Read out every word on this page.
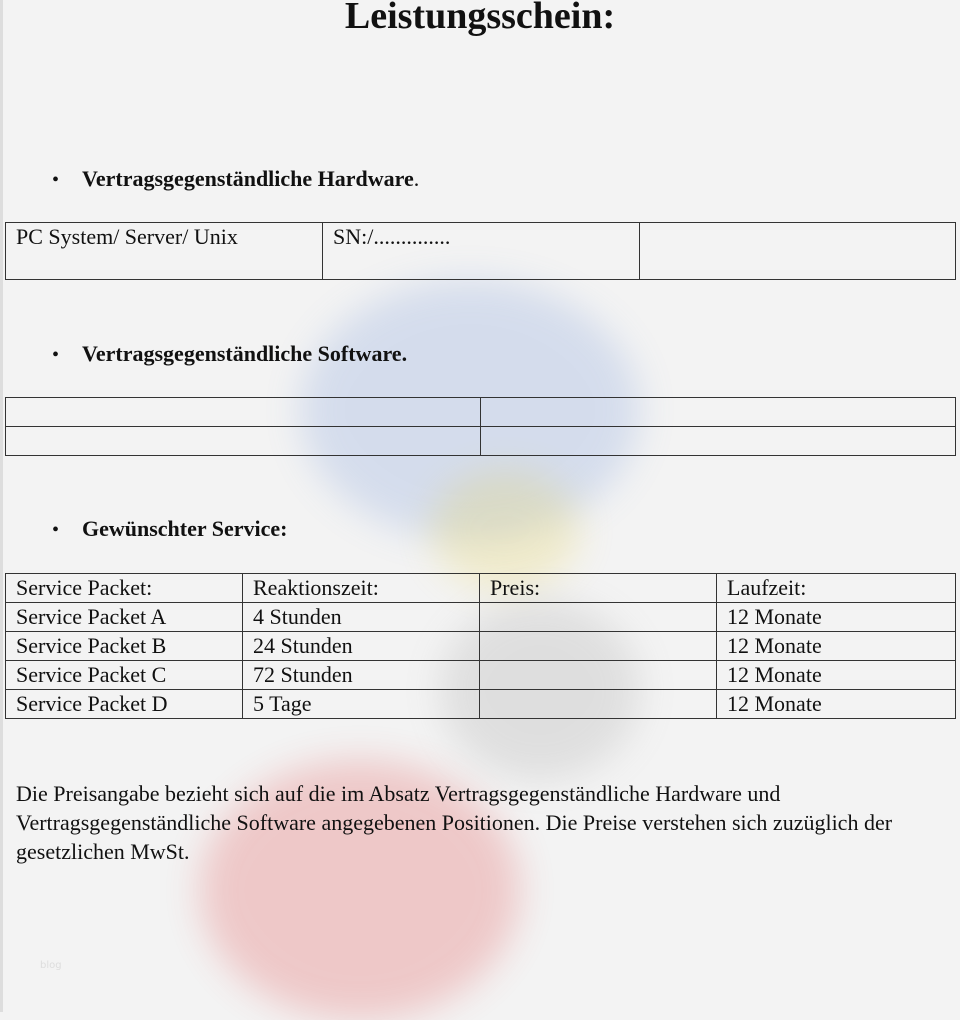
Leistungsschein:
• Vertragsgegenständliche Hardware.
PC System/ Server/ Unix	SN:/..............	
• Vertragsgegenständliche Software.

• Gewünschter Service:
Service Packet:	Reaktionszeit:	Preis:	Laufzeit:
Service Packet A	4 Stunden		12 Monate
Service Packet B	24 Stunden		12 Monate
Service Packet C	72 Stunden		12 Monate
Service Packet D	5 Tage		12 Monate
Die Preisangabe bezieht sich auf die im Absatz Vertragsgegenständliche Hardware und Vertragsgegenständliche Software angegebenen Positionen. Die Preise verstehen sich zuzüglich der gesetzlichen MwSt.
blog
